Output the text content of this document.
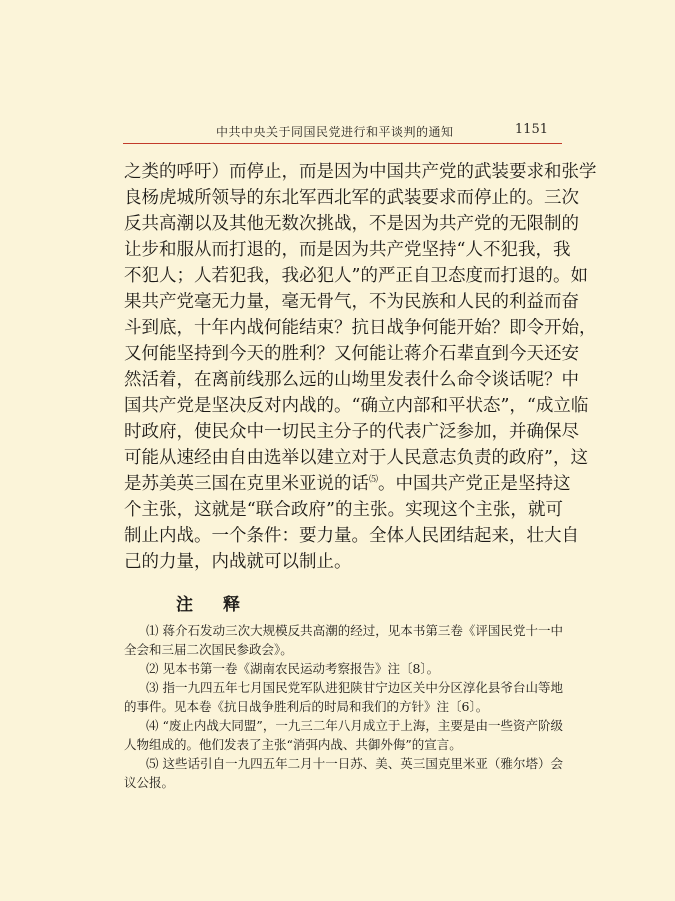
中共中央关于同国民党进行和平谈判的通知	1151
之类的呼吁）而停止，而是因为中国共产党的武装要求和张学
良杨虎城所领导的东北军西北军的武装要求而停止的。三次
反共高潮以及其他无数次挑战，不是因为共产党的无限制的
让步和服从而打退的，而是因为共产党坚持“人不犯我，我
不犯人；人若犯我，我必犯人”的严正自卫态度而打退的。如
果共产党毫无力量，毫无骨气，不为民族和人民的利益而奋
斗到底，十年内战何能结束？抗日战争何能开始？即令开始，
又何能坚持到今天的胜利？又何能让蒋介石辈直到今天还安
然活着，在离前线那么远的山坳里发表什么命令谈话呢？中
国共产党是坚决反对内战的。“确立内部和平状态”，“成立临
时政府，使民众中一切民主分子的代表广泛参加，并确保尽
可能从速经由自由选举以建立对于人民意志负责的政府”，这
是苏美英三国在克里米亚说的话⑸。中国共产党正是坚持这
个主张，这就是“联合政府”的主张。实现这个主张，就可
制止内战。一个条件：要力量。全体人民团结起来，壮大自
己的力量，内战就可以制止。
注释

⑴ 蒋介石发动三次大规模反共高潮的经过，见本书第三卷《评国民党十一中全会和三届二次国民参政会》。

⑵ 见本书第一卷《湖南农民运动考察报告》注〔8〕。

⑶ 指一九四五年七月国民党军队进犯陕甘宁边区关中分区淳化县爷台山等地的事件。见本卷《抗日战争胜利后的时局和我们的方针》注〔6〕。

⑷ “废止内战大同盟”，一九三二年八月成立于上海，主要是由一些资产阶级人物组成的。他们发表了主张“消弭内战、共御外侮”的宣言。

⑸ 这些话引自一九四五年二月十一日苏、美、英三国克里米亚（雅尔塔）会议公报。
